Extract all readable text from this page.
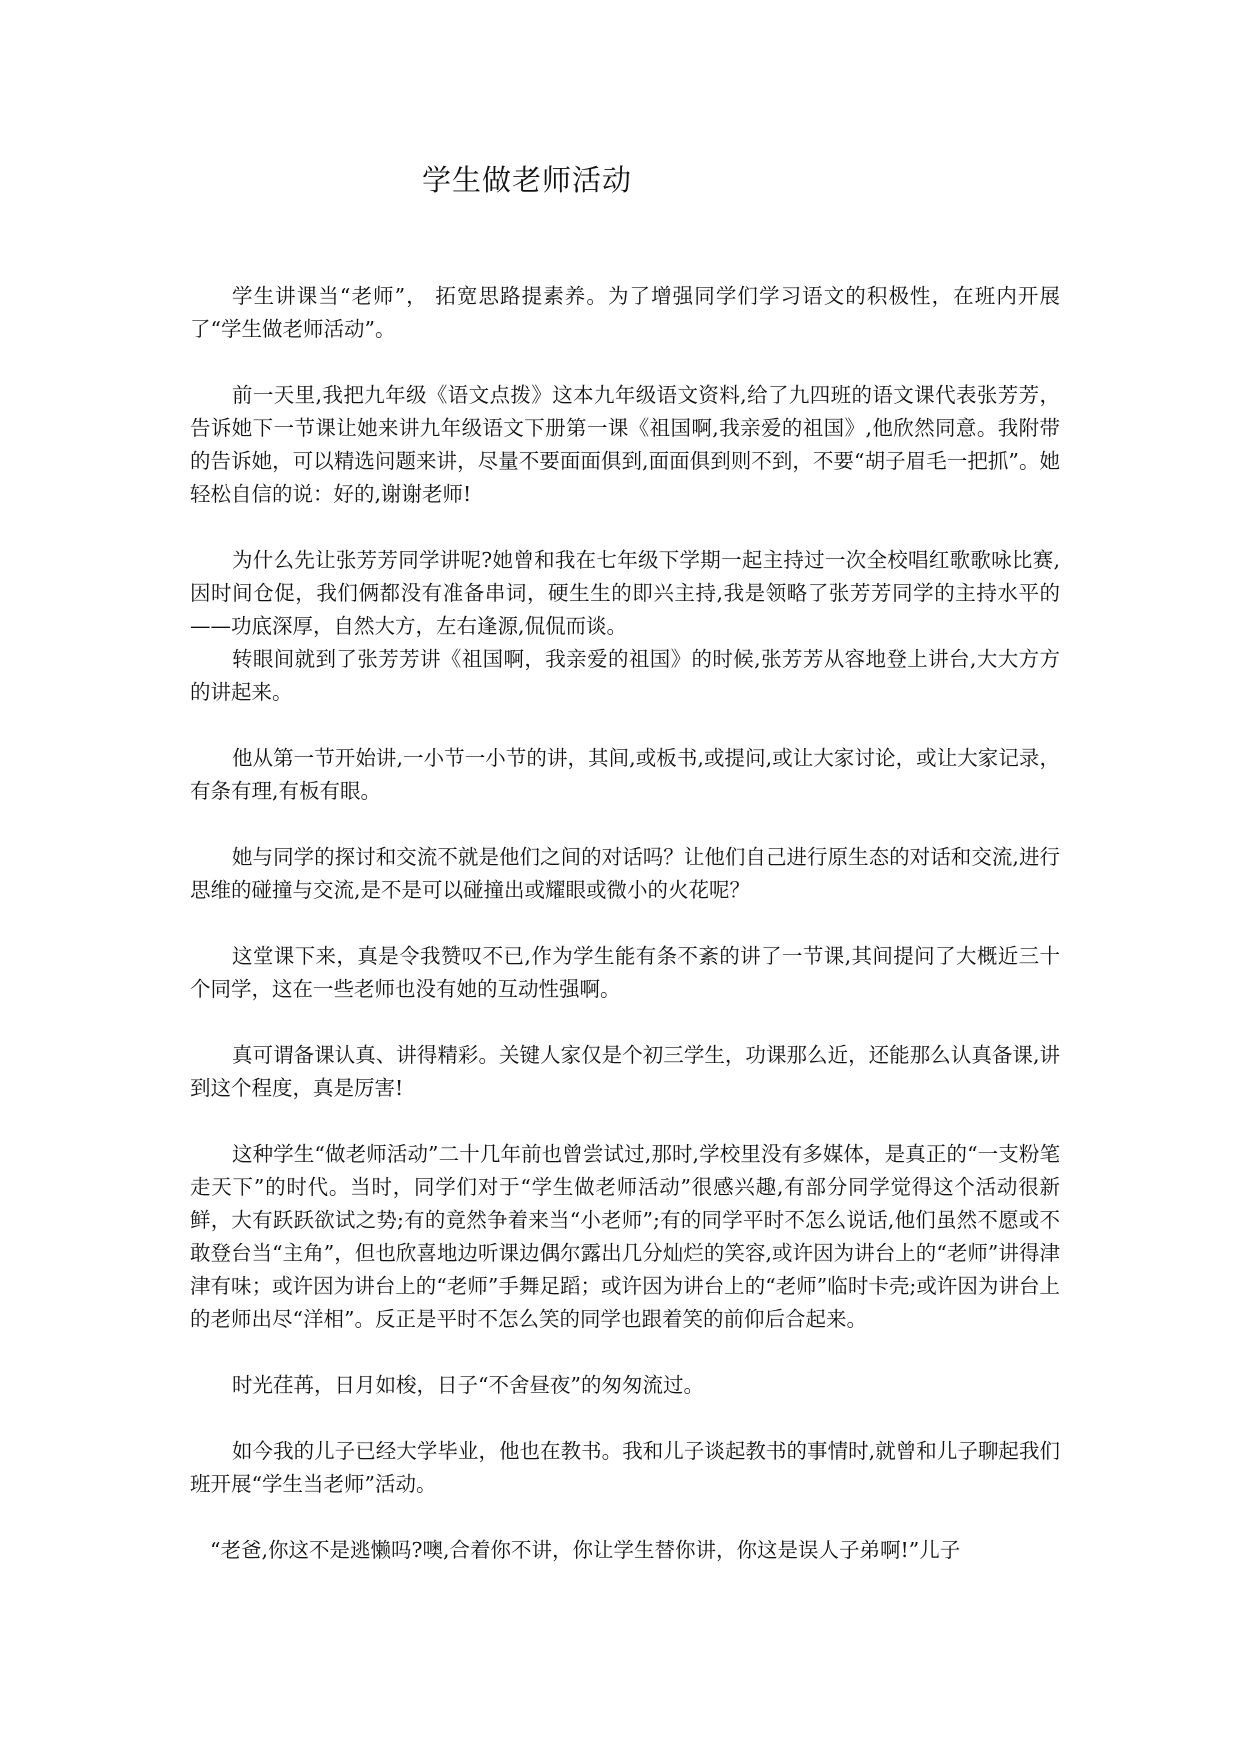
学生做老师活动

学生讲课当“老师”， 拓宽思路提素养。为了增强同学们学习语文的积极性，在班内开展了“学生做老师活动”。

前一天里,我把九年级《语文点拨》这本九年级语文资料,给了九四班的语文课代表张芳芳，告诉她下一节课让她来讲九年级语文下册第一课《祖国啊,我亲爱的祖国》,他欣然同意。我附带的告诉她，可以精选问题来讲，尽量不要面面俱到,面面俱到则不到，不要“胡子眉毛一把抓”。她轻松自信的说：好的,谢谢老师!

为什么先让张芳芳同学讲呢?她曾和我在七年级下学期一起主持过一次全校唱红歌歌咏比赛,因时间仓促，我们俩都没有准备串词，硬生生的即兴主持,我是领略了张芳芳同学的主持水平的——功底深厚，自然大方，左右逢源,侃侃而谈。

转眼间就到了张芳芳讲《祖国啊，我亲爱的祖国》的时候,张芳芳从容地登上讲台,大大方方的讲起来。

他从第一节开始讲,一小节一小节的讲，其间,或板书,或提问,或让大家讨论，或让大家记录，有条有理,有板有眼。

她与同学的探讨和交流不就是他们之间的对话吗？让他们自己进行原生态的对话和交流,进行思维的碰撞与交流,是不是可以碰撞出或耀眼或微小的火花呢？

这堂课下来，真是令我赞叹不已,作为学生能有条不紊的讲了一节课,其间提问了大概近三十个同学，这在一些老师也没有她的互动性强啊。

真可谓备课认真、讲得精彩。关键人家仅是个初三学生，功课那么近，还能那么认真备课,讲到这个程度，真是厉害!

这种学生“做老师活动”二十几年前也曾尝试过,那时,学校里没有多媒体，是真正的“一支粉笔走天下”的时代。当时，同学们对于“学生做老师活动”很感兴趣,有部分同学觉得这个活动很新鲜，大有跃跃欲试之势;有的竟然争着来当“小老师”;有的同学平时不怎么说话,他们虽然不愿或不敢登台当“主角”，但也欣喜地边听课边偶尔露出几分灿烂的笑容,或许因为讲台上的“老师”讲得津津有味；或许因为讲台上的“老师”手舞足蹈；或许因为讲台上的“老师”临时卡壳;或许因为讲台上的老师出尽“洋相”。反正是平时不怎么笑的同学也跟着笑的前仰后合起来。

时光荏苒，日月如梭，日子“不舍昼夜”的匆匆流过。

如今我的儿子已经大学毕业，他也在教书。我和儿子谈起教书的事情时,就曾和儿子聊起我们班开展“学生当老师”活动。

“老爸,你这不是逃懒吗?噢,合着你不讲，你让学生替你讲，你这是误人子弟啊!”儿子
